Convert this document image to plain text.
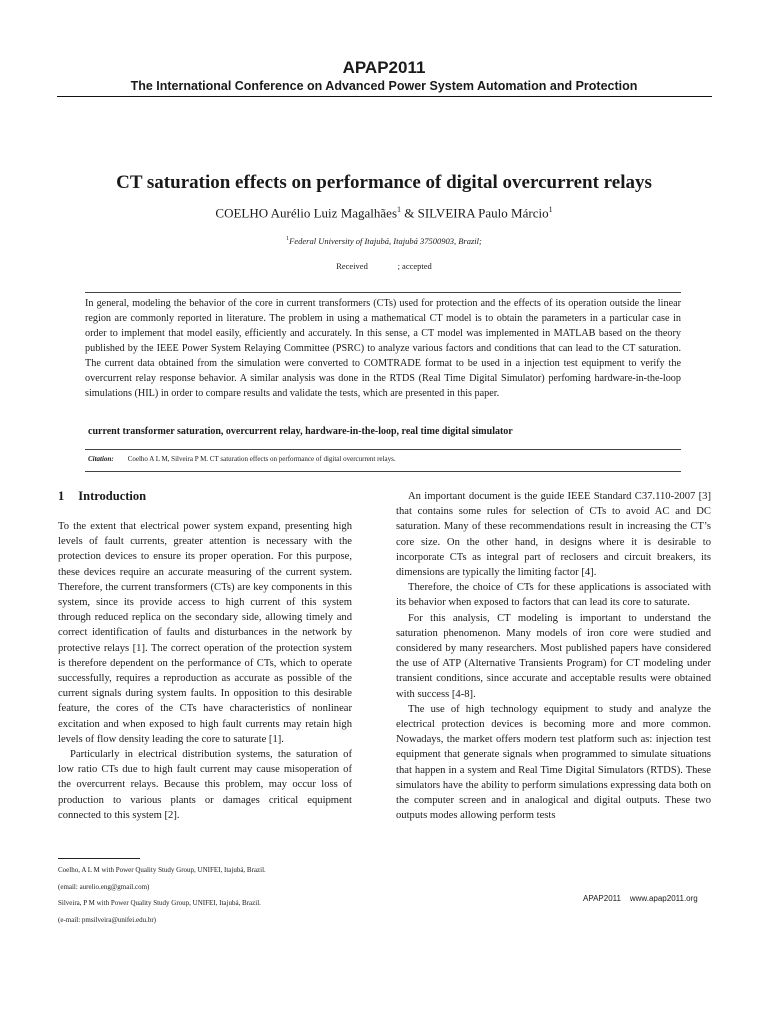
APAP2011
The International Conference on Advanced Power System Automation and Protection
CT saturation effects on performance of digital overcurrent relays
COELHO Aurélio Luiz Magalhães$^1$ & SILVEIRA Paulo Márcio$^1$
$^1$Federal University of Itajubá, Itajubá 37500903, Brazil;
Received              ; accepted
In general, modeling the behavior of the core in current transformers (CTs) used for protection and the effects of its operation outside the linear region are commonly reported in literature. The problem in using a mathematical CT model is to obtain the parameters in a particular case in order to implement that model easily, efficiently and accurately. In this sense, a CT model was implemented in MATLAB based on the theory published by the IEEE Power System Relaying Committee (PSRC) to analyze various factors and conditions that can lead to the CT saturation. The current data obtained from the simulation were converted to COMTRADE format to be used in a injection test equipment to verify the overcurrent relay response behavior. A similar analysis was done in the RTDS (Real Time Digital Simulator) perfoming hardware-in-the-loop simulations (HIL) in order to compare results and validate the tests, which are presented in this paper.
current transformer saturation, overcurrent relay, hardware-in-the-loop, real time digital simulator
Citation: Coelho A L M, Silveira P M. CT saturation effects on performance of digital overcurrent relays.
1 Introduction

To the extent that electrical power system expand, presenting high levels of fault currents, greater attention is necessary with the protection devices to ensure its proper operation. For this purpose, these devices require an accurate measuring of the current system. Therefore, the current transformers (CTs) are key components in this system, since its provide access to high current of this system through reduced replica on the secondary side, allowing timely and correct identification of faults and disturbances in the network by protective relays [1]. The correct operation of the protection system is therefore dependent on the performance of CTs, which to operate successfully, requires a reproduction as accurate as possible of the current signals during system faults. In opposition to this desirable feature, the cores of the CTs have characteristics of nonlinear excitation and when exposed to high fault currents may retain high levels of flow density leading the core to saturate [1].

Particularly in electrical distribution systems, the saturation of low ratio CTs due to high fault current may cause misoperation of the overcurrent relays. Because this problem, may occur loss of production to various plants or damages critical equipment connected to this system [2].

An important document is the guide IEEE Standard C37.110-2007 [3] that contains some rules for selection of CTs to avoid AC and DC saturation. Many of these recommendations result in increasing the CT’s core size. On the other hand, in designs where it is desirable to incorporate CTs as integral part of reclosers and circuit breakers, its dimensions are typically the limiting factor [4].

Therefore, the choice of CTs for these applications is associated with its behavior when exposed to factors that can lead its core to saturate.

For this analysis, CT modeling is important to understand the saturation phenomenon. Many models of iron core were studied and considered by many researchers. Most published papers have considered the use of ATP (Alternative Transients Program) for CT modeling under transient conditions, since accurate and acceptable results were obtained with success [4-8].

The use of high technology equipment to study and analyze the electrical protection devices is becoming more and more common. Nowadays, the market offers modern test platform such as: injection test equipment that generate signals when programmed to simulate situations that happen in a system and Real Time Digital Simulators (RTDS). These simulators have the ability to perform simulations expressing data both on the computer screen and in analogical and digital outputs. These two outputs modes allowing perform tests

Coelho, A L M with Power Quality Study Group, UNIFEI, Itajubá, Brazil.
(email: aurelio.eng@gmail.com)
Silveira, P M with Power Quality Study Group, UNIFEI, Itajubá, Brazil.
(e-mail: pmsilveira@unifei.edu.br)
APAP2011 www.apap2011.org
